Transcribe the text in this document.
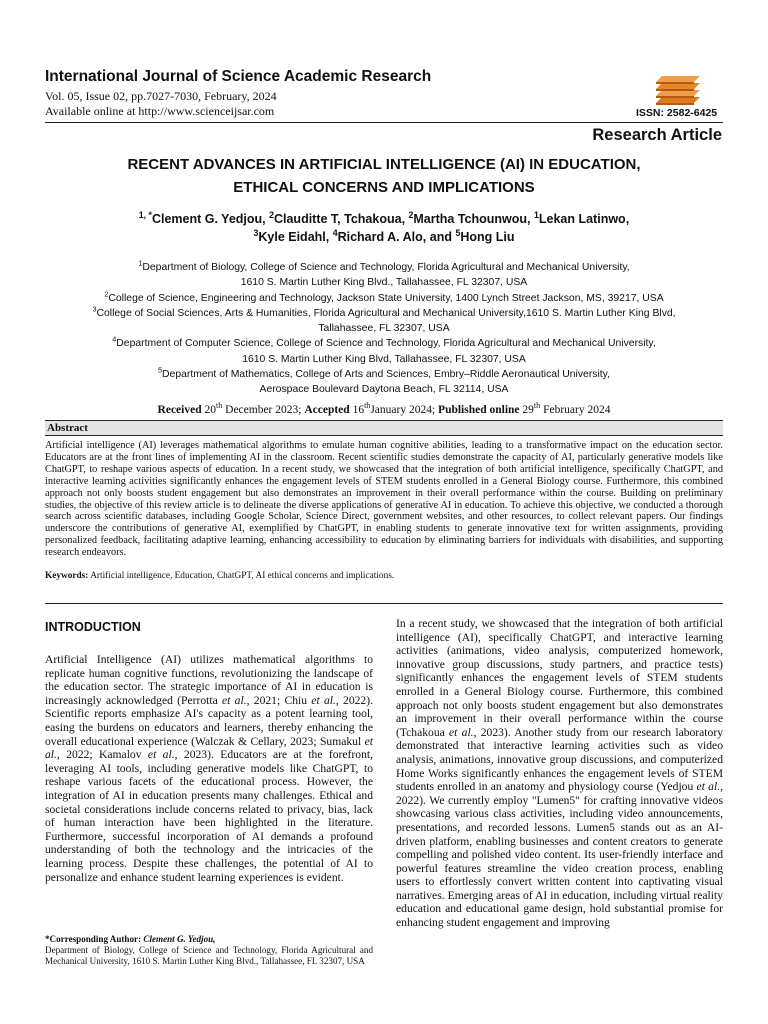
International Journal of Science Academic Research

Vol. 05, Issue 02, pp.7027-7030, February, 2024

Available online at http://www.scienceijsar.com	ISSN: 2582-6425
Research Article
RECENT ADVANCES IN ARTIFICIAL INTELLIGENCE (AI) IN EDUCATION,
ETHICAL CONCERNS AND IMPLICATIONS
$^{1, *}$Clement G. Yedjou, $^2$Clauditte T, Tchakoua, $^2$Martha Tchounwou, $^1$Lekan Latinwo,
$^3$Kyle Eidahl, $^4$Richard A. Alo, and $^5$Hong Liu
$^1$Department of Biology, College of Science and Technology, Florida Agricultural and Mechanical University,
1610 S. Martin Luther King Blvd., Tallahassee, FL 32307, USA
$^2$College of Science, Engineering and Technology, Jackson State University, 1400 Lynch Street Jackson, MS, 39217, USA
$^3$College of Social Sciences, Arts & Humanities, Florida Agricultural and Mechanical University,1610 S. Martin Luther King Blvd,
Tallahassee, FL 32307, USA
$^4$Department of Computer Science, College of Science and Technology, Florida Agricultural and Mechanical University,
1610 S. Martin Luther King Blvd, Tallahassee, FL 32307, USA
$^5$Department of Mathematics, College of Arts and Sciences, Embry–Riddle Aeronautical University,
Aerospace Boulevard Daytona Beach, FL 32114, USA
Received 20th December 2023; Accepted 16thJanuary 2024; Published online 29th February 2024
Abstract

Artificial intelligence (AI) leverages mathematical algorithms to emulate human cognitive abilities, leading to a transformative impact on the education sector. Educators are at the front lines of implementing AI in the classroom. Recent scientific studies demonstrate the capacity of AI, particularly generative models like ChatGPT, to reshape various aspects of education. In a recent study, we showcased that the integration of both artificial intelligence, specifically ChatGPT, and interactive learning activities significantly enhances the engagement levels of STEM students enrolled in a General Biology course. Furthermore, this combined approach not only boosts student engagement but also demonstrates an improvement in their overall performance within the course. Building on preliminary studies, the objective of this review article is to delineate the diverse applications of generative AI in education. To achieve this objective, we conducted a thorough search across scientific databases, including Google Scholar, Science Direct, government websites, and other resources, to collect relevant papers. Our findings underscore the contributions of generative AI, exemplified by ChatGPT, in enabling students to generate innovative text for written assignments, providing personalized feedback, facilitating adaptive learning, enhancing accessibility to education by eliminating barriers for individuals with disabilities, and supporting research endeavors.

Keywords: Artificial intelligence, Education, ChatGPT, AI ethical concerns and implications.

INTRODUCTION

Artificial Intelligence (AI) utilizes mathematical algorithms to replicate human cognitive functions, revolutionizing the landscape of the education sector. The strategic importance of AI in education is increasingly acknowledged (Perrotta et al., 2021; Chiu et al., 2022). Scientific reports emphasize AI's capacity as a potent learning tool, easing the burdens on educators and learners, thereby enhancing the overall educational experience (Walczak & Cellary, 2023; Sumakul et al., 2022; Kamalov et al., 2023). Educators are at the forefront, leveraging AI tools, including generative models like ChatGPT, to reshape various facets of the educational process. However, the integration of AI in education presents many challenges. Ethical and societal considerations include concerns related to privacy, bias, lack of human interaction have been highlighted in the literature. Furthermore, successful incorporation of AI demands a profound understanding of both the technology and the intricacies of the learning process. Despite these challenges, the potential of AI to personalize and enhance student learning experiences is evident.

*Corresponding Author: Clement G. Yedjou,
Department of Biology, College of Science and Technology, Florida Agricultural and Mechanical University, 1610 S. Martin Luther King Blvd., Tallahassee, FL 32307, USA

In a recent study, we showcased that the integration of both artificial intelligence (AI), specifically ChatGPT, and interactive learning activities (animations, video analysis, computerized homework, innovative group discussions, study partners, and practice tests) significantly enhances the engagement levels of STEM students enrolled in a General Biology course. Furthermore, this combined approach not only boosts student engagement but also demonstrates an improvement in their overall performance within the course (Tchakoua et al., 2023). Another study from our research laboratory demonstrated that interactive learning activities such as video analysis, animations, innovative group discussions, and computerized Home Works significantly enhances the engagement levels of STEM students enrolled in an anatomy and physiology course (Yedjou et al., 2022). We currently employ "Lumen5" for crafting innovative videos showcasing various class activities, including video announcements, presentations, and recorded lessons. Lumen5 stands out as an AI-driven platform, enabling businesses and content creators to generate compelling and polished video content. Its user-friendly interface and powerful features streamline the video creation process, enabling users to effortlessly convert written content into captivating visual narratives. Emerging areas of AI in education, including virtual reality education and educational game design, hold substantial promise for enhancing student engagement and improving
